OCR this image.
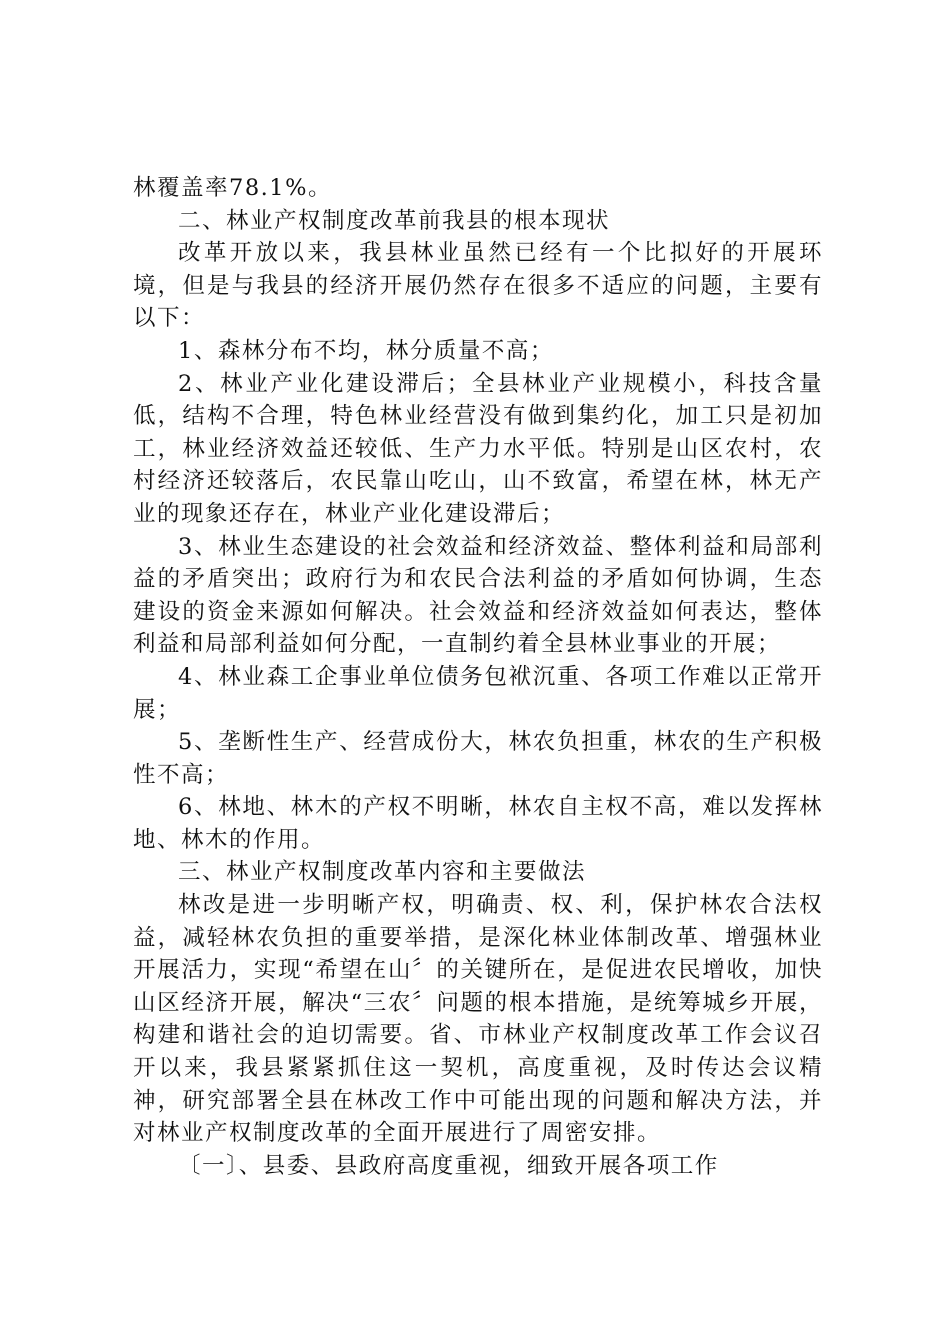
林覆盖率78.1%。

二、林业产权制度改革前我县的根本现状

改革开放以来，我县林业虽然已经有一个比拟好的开展环境，但是与我县的经济开展仍然存在很多不适应的问题，主要有以下：

1、森林分布不均，林分质量不高；

2、林业产业化建设滞后；全县林业产业规模小，科技含量低，结构不合理，特色林业经营没有做到集约化，加工只是初加工，林业经济效益还较低、生产力水平低。特别是山区农村，农村经济还较落后，农民靠山吃山，山不致富，希望在林，林无产业的现象还存在，林业产业化建设滞后；

3、林业生态建设的社会效益和经济效益、整体利益和局部利益的矛盾突出；政府行为和农民合法利益的矛盾如何协调，生态建设的资金来源如何解决。社会效益和经济效益如何表达，整体利益和局部利益如何分配，一直制约着全县林业事业的开展；

4、林业森工企事业单位债务包袱沉重、各项工作难以正常开展；

5、垄断性生产、经营成份大，林农负担重，林农的生产积极性不高；

6、林地、林木的产权不明晰，林农自主权不高，难以发挥林地、林木的作用。

三、林业产权制度改革内容和主要做法

林改是进一步明晰产权，明确责、权、利，保护林农合法权益，减轻林农负担的重要举措，是深化林业体制改革、增强林业开展活力，实现“希望在山〞的关键所在，是促进农民增收，加快山区经济开展，解决“三农〞问题的根本措施，是统筹城乡开展，构建和谐社会的迫切需要。省、市林业产权制度改革工作会议召开以来，我县紧紧抓住这一契机，高度重视，及时传达会议精神，研究部署全县在林改工作中可能出现的问题和解决方法，并对林业产权制度改革的全面开展进行了周密安排。

〔一〕、县委、县政府高度重视，细致开展各项工作
